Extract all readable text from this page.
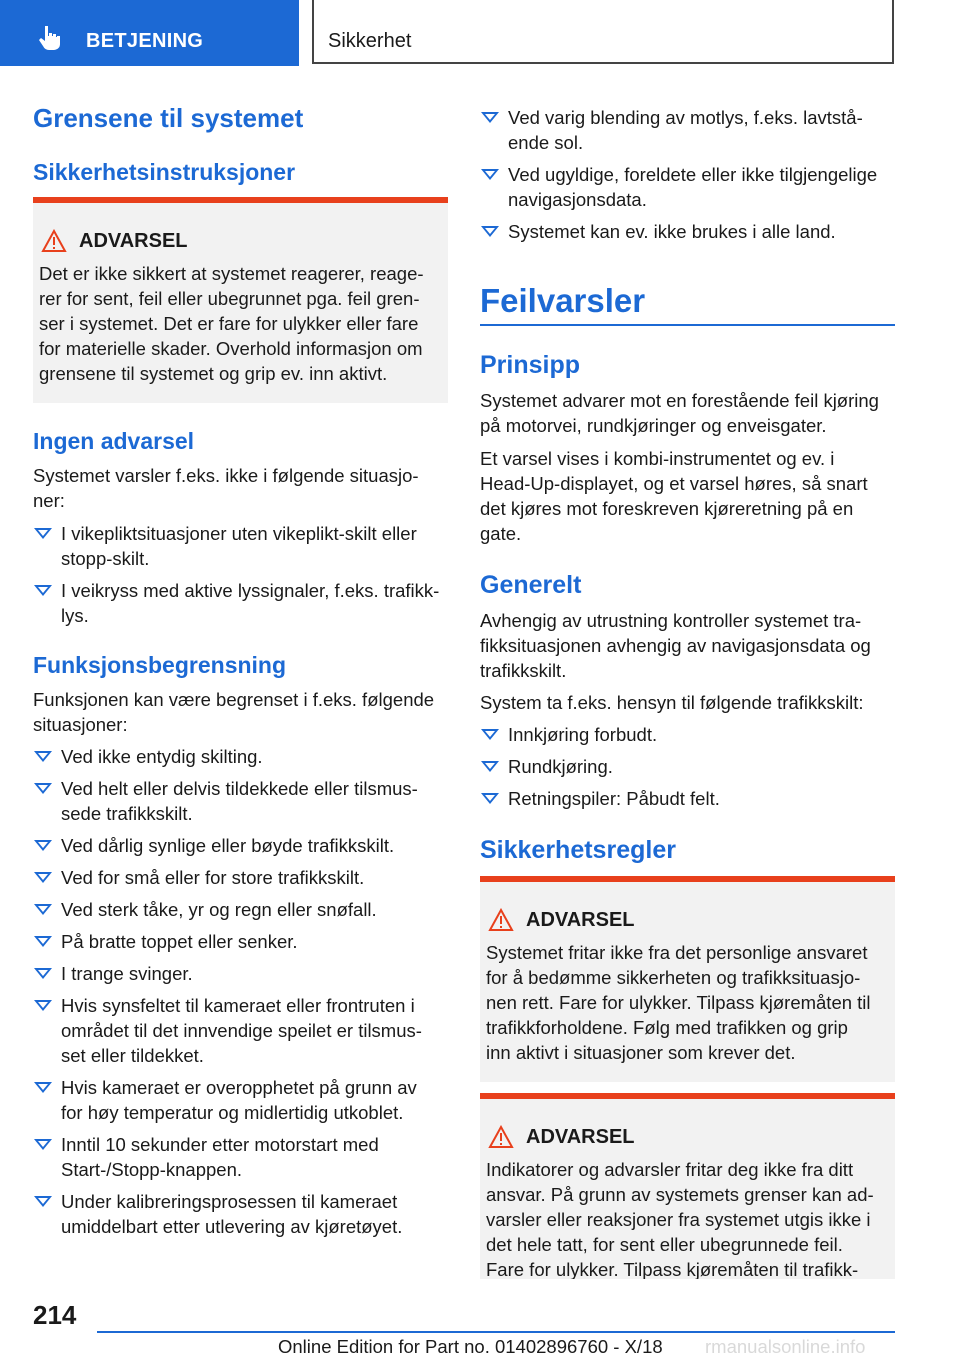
BETJENING	Sikkerhet
Grensene til systemet
Sikkerhetsinstruksjoner
ADVARSEL
Det er ikke sikkert at systemet reagerer, reage-
rer for sent, feil eller ubegrunnet pga. feil gren-
ser i systemet. Det er fare for ulykker eller fare
for materielle skader. Overhold informasjon om
grensene til systemet og grip ev. inn aktivt.
Ingen advarsel
Systemet varsler f.eks. ikke i følgende situasjo-
ner:
I vikepliktsituasjoner uten vikeplikt-skilt eller
stopp-skilt.
I veikryss med aktive lyssignaler, f.eks. trafikk-
lys.
Funksjonsbegrensning
Funksjonen kan være begrenset i f.eks. følgende
situasjoner:
Ved ikke entydig skilting.
Ved helt eller delvis tildekkede eller tilsmus-
sede trafikkskilt.
Ved dårlig synlige eller bøyde trafikkskilt.
Ved for små eller for store trafikkskilt.
Ved sterk tåke, yr og regn eller snøfall.
På bratte toppet eller senker.
I trange svinger.
Hvis synsfeltet til kameraet eller frontruten i
området til det innvendige speilet er tilsmus-
set eller tildekket.
Hvis kameraet er overopphetet på grunn av
for høy temperatur og midlertidig utkoblet.
Inntil 10 sekunder etter motorstart med
Start-/Stopp-knappen.
Under kalibreringsprosessen til kameraet
umiddelbart etter utlevering av kjøretøyet.
Ved varig blending av motlys, f.eks. lavtstå-
ende sol.
Ved ugyldige, foreldete eller ikke tilgjengelige
navigasjonsdata.
Systemet kan ev. ikke brukes i alle land.
Feilvarsler
Prinsipp
Systemet advarer mot en forestående feil kjøring
på motorvei, rundkjøringer og enveisgater.
Et varsel vises i kombi-instrumentet og ev. i
Head-Up-displayet, og et varsel høres, så snart
det kjøres mot foreskreven kjøreretning på en
gate.
Generelt
Avhengig av utrustning kontroller systemet tra-
fikksituasjonen avhengig av navigasjonsdata og
trafikkskilt.
System ta f.eks. hensyn til følgende trafikkskilt:
Innkjøring forbudt.
Rundkjøring.
Retningspiler: Påbudt felt.
Sikkerhetsregler
ADVARSEL
Systemet fritar ikke fra det personlige ansvaret
for å bedømme sikkerheten og trafikksituasjo-
nen rett. Fare for ulykker. Tilpass kjøremåten til
trafikkforholdene. Følg med trafikken og grip
inn aktivt i situasjoner som krever det.
ADVARSEL
Indikatorer og advarsler fritar deg ikke fra ditt
ansvar. På grunn av systemets grenser kan ad-
varsler eller reaksjoner fra systemet utgis ikke i
det hele tatt, for sent eller ubegrunnede feil.
Fare for ulykker. Tilpass kjøremåten til trafikk-
214
Online Edition for Part no. 01402896760 - X/18 rmanualsonline.info
